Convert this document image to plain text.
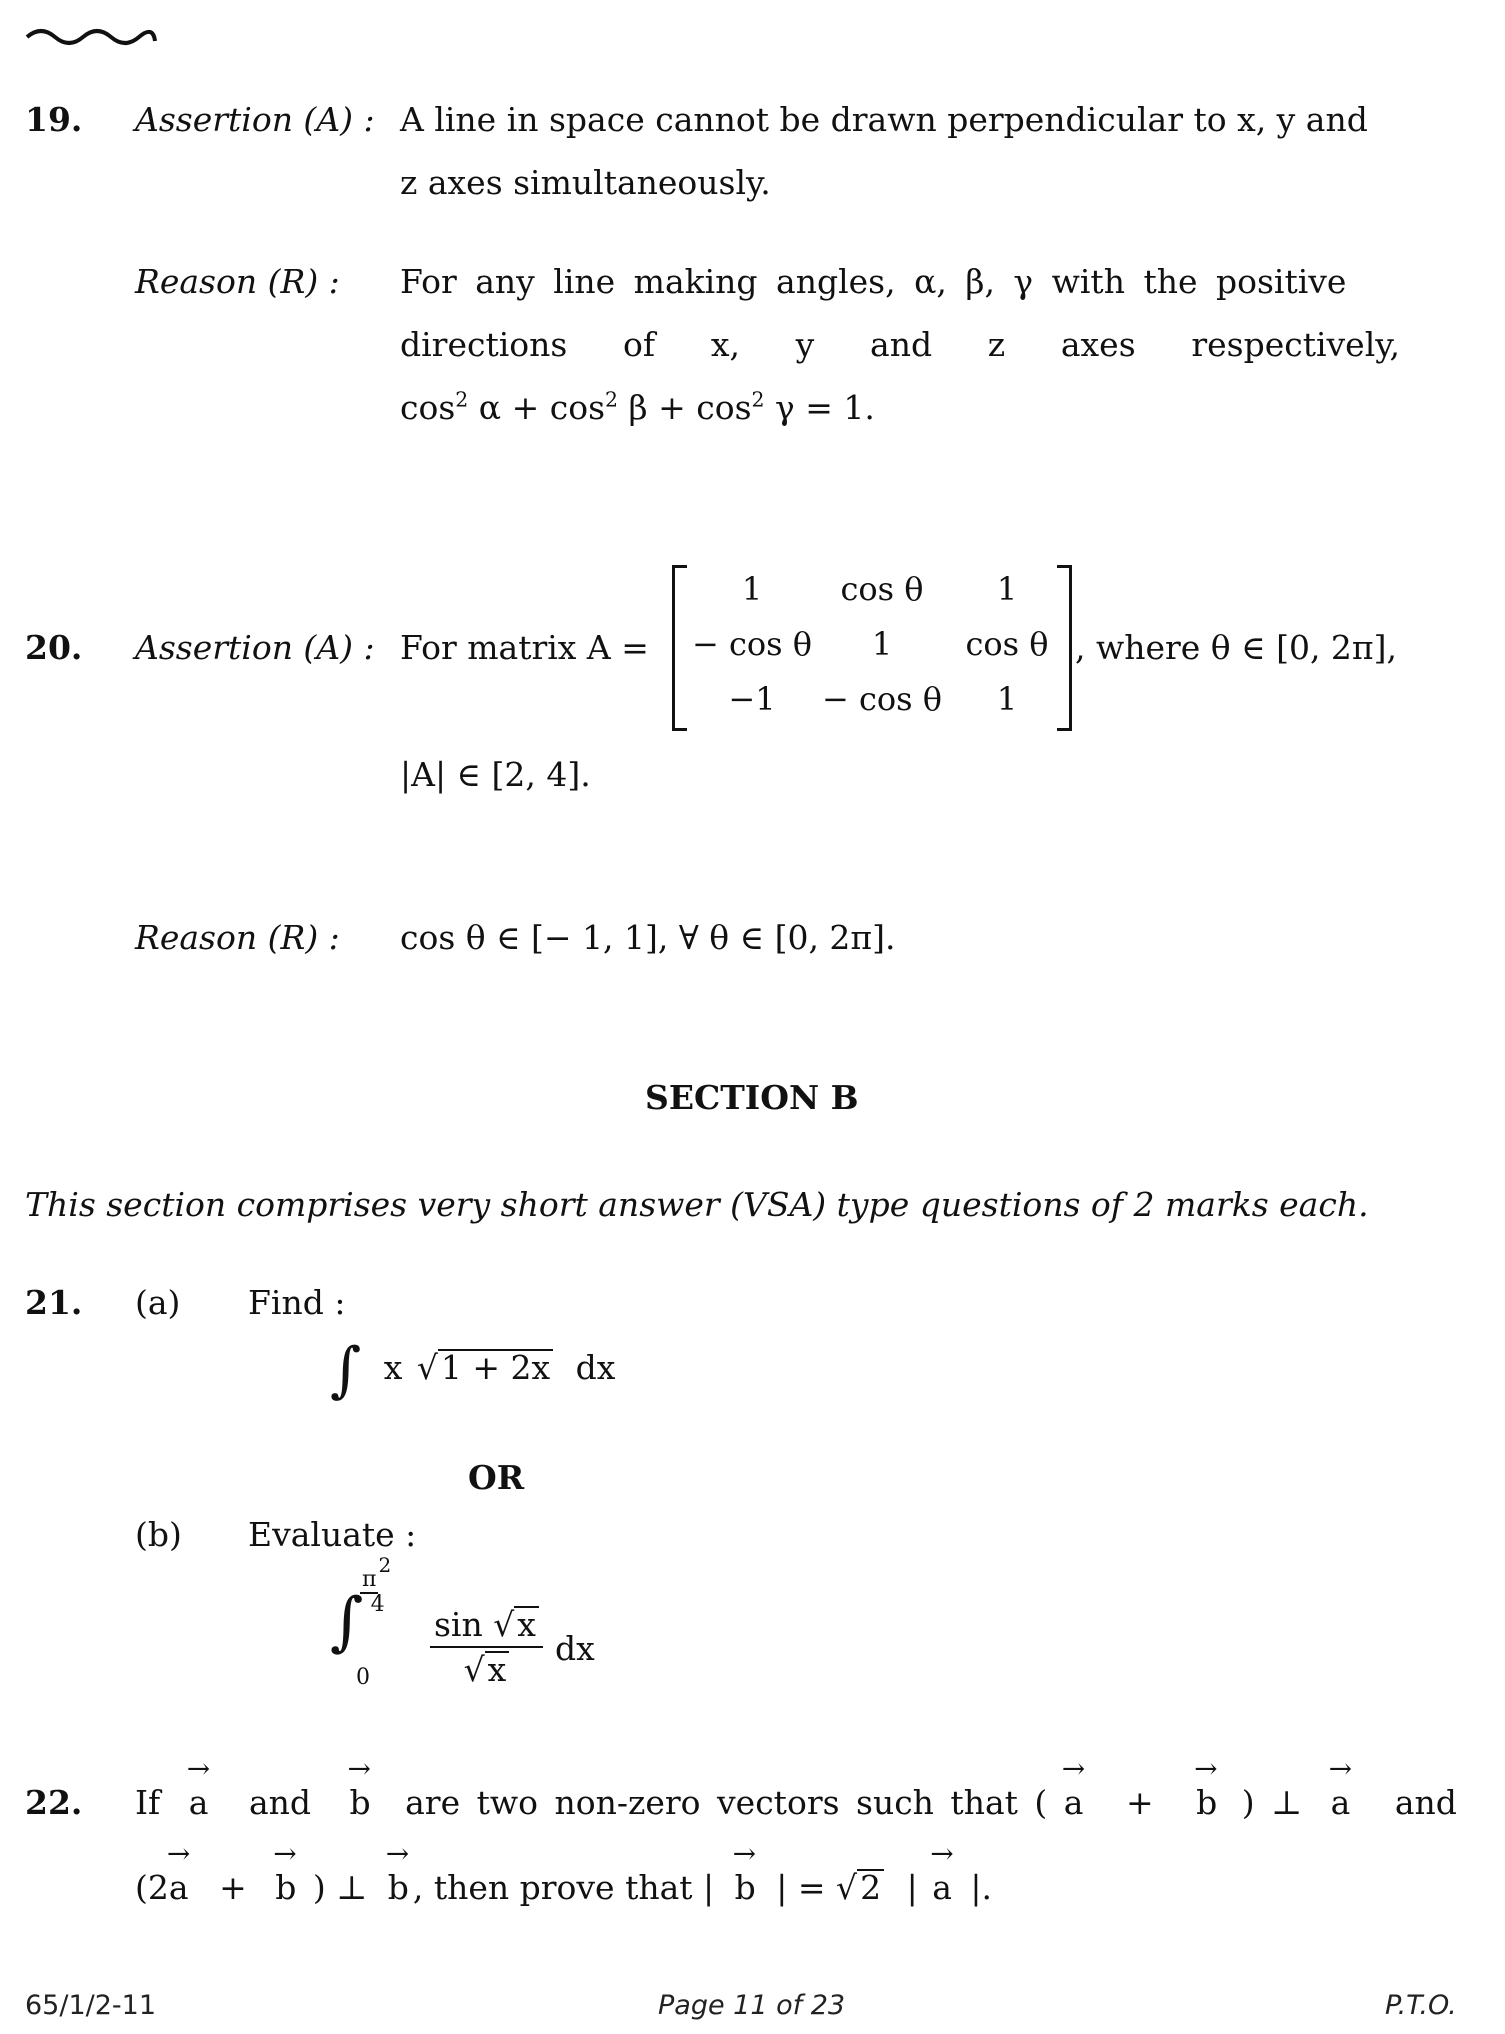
19. Assertion (A) : A line in space cannot be drawn perpendicular to x, y and
z axes simultaneously.
Reason (R) : For any line making angles, α, β, γ with the positive
directions of x, y and z axes respectively,
$\cos^2 \alpha + \cos^2 \beta + \cos^2 \gamma = 1$.
20. Assertion (A) : For matrix A =
1	cos θ	1
− cos θ	1	cos θ
−1	− cos θ	1
, where θ ∈ [0, 2π],
|A| ∈ [2, 4].
Reason (R) : cos θ ∈ [− 1, 1], ∀ θ ∈ [0, 2π].
SECTION B
This section comprises very short answer (VSA) type questions of 2 marks each.
21. (a) Find :
∫ x √1 + 2x dx
OR
(b) Evaluate :
∫
$\pi^2$
4
$0 \frac{\sin √x}{√x}$ dx
22. If
→
a and
→
b are two non-zero vectors such that (
→
a +
→
b ) ⊥
→
a and
(2
→
a +
→
b ) ⊥
→
b , then prove that |
→
b | = √2 |
→
a |.
65/1/2-11	Page 11 of 23	P.T.O.
